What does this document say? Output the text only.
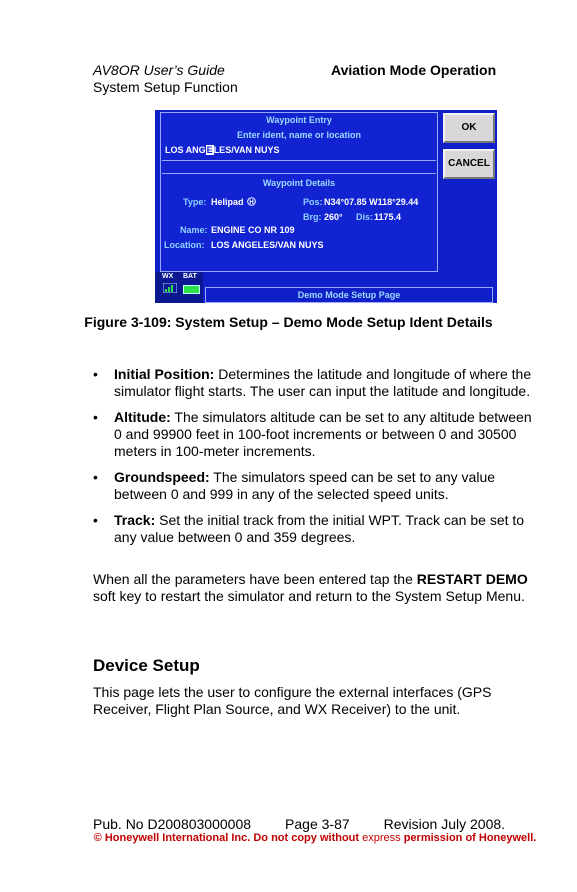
AV8OR User’s Guide
System Setup Function
Aviation Mode Operation
Waypoint Entry
Enter ident, name or location
LOS ANGELES/VAN NUYS
Waypoint Details
Type: Helipad H	Pos: N34°07.85 W118°29.44
Brg: 260° Dis: 1175.4
Name: ENGINE CO NR 109
Location: LOS ANGELES/VAN NUYS
OK
CANCEL
WX BAT
Demo Mode Setup Page
Figure 3-109: System Setup – Demo Mode Setup Ident Details
• Initial Position: Determines the latitude and longitude of where the simulator flight starts. The user can input the latitude and longitude.
• Altitude: The simulators altitude can be set to any altitude between 0 and 99900 feet in 100-foot increments or between 0 and 30500 meters in 100-meter increments.
• Groundspeed: The simulators speed can be set to any value between 0 and 999 in any of the selected speed units.
• Track: Set the initial track from the initial WPT. Track can be set to any value between 0 and 359 degrees.
When all the parameters have been entered tap the RESTART DEMO soft key to restart the simulator and return to the System Setup Menu.
Device Setup
This page lets the user to configure the external interfaces (GPS Receiver, Flight Plan Source, and WX Receiver) to the unit.
Pub. No D200803000008 Page 3-87 Revision July 2008.
© Honeywell International Inc. Do not copy without express permission of Honeywell.
